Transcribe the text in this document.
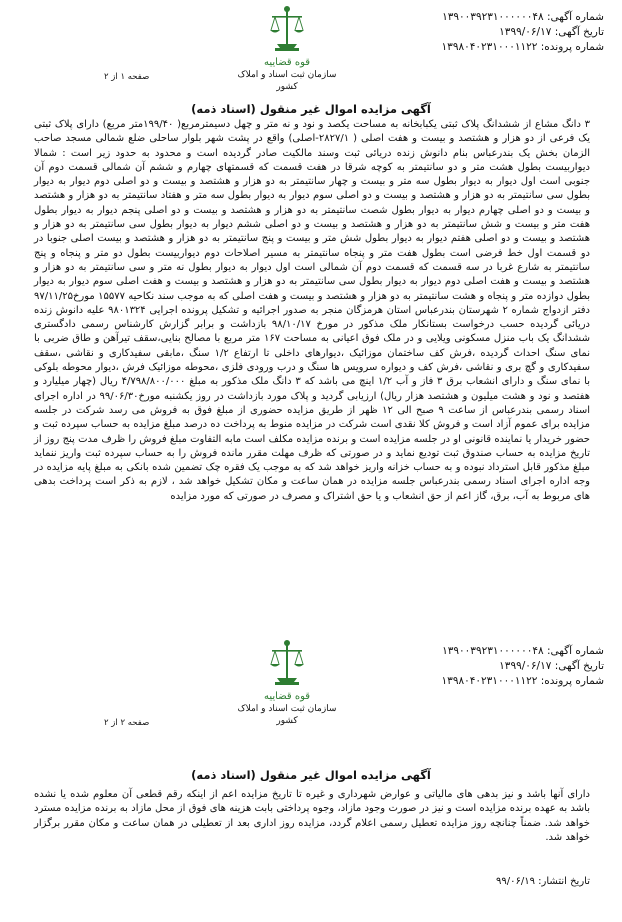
شماره آگهی: ۱۳۹۰۰۳۹۲۳۱۰۰۰۰۰۰۴۸
تاریخ آگهی: ۱۳۹۹/۰۶/۱۷
شماره پرونده: ۱۳۹۸۰۴۰۲۳۱۰۰۰۱۱۲۲
قوه قضاییه
سازمان ثبت اسناد و املاک کشور
صفحه ۱ از ۲
آگهی مزایده اموال غیر منقول (اسناد ذمه)
۳ دانگ مشاع از ششدانگ پلاک ثبتی یکبابخانه به مساحت یکصد و نود و نه متر و چهل دسیمترمربع( ۱۹۹/۴۰متر مربع) دارای پلاک ثبتی یک فرعی از دو هزار و هشتصد و بیست و هفت اصلی ( ۲۸۲۷/۱-اصلی) واقع در پشت شهر بلوار ساحلی ضلع شمالی مسجد صاحب الزمان بخش یک بندرعباس بنام دانوش زنده دریائی ثبت وسند مالکیت صادر گردیده است و محدود به حدود زیر است : شمالا دیواربیست بطول هشت متر و دو سانتیمتر به کوچه شرقا در هفت قسمت که قسمتهای چهارم و ششم آن شمالی قسمت دوم آن جنوبی است اول دیوار به دیوار بطول سه متر و بیست و چهار سانتیمتر به دو هزار و هشتصد و بیست و دو اصلی دوم دیوار به دیوار بطول سی سانتیمتر به دو هزار و هشتصد و بیست و دو اصلی سوم دیوار به دیوار بطول سه متر و هفتاد سانتیمتر به دو هزار و هشتصد و بیست و دو اصلی چهارم دیوار به دیوار بطول شصت سانتیمتر به دو هزار و هشتصد و بیست و دو اصلی پنجم دیوار به دیوار بطول هفت متر و بیست و شش سانتیمتر به دو هزار و هشتصد و بیست و دو اصلی ششم دیوار به دیوار بطول سی سانتیمتر به دو هزار و هشتصد و بیست و دو اصلی هفتم دیوار به دیوار بطول شش متر و بیست و پنج سانتیمتر به دو هزار و هشتصد و بیست اصلی جنوبا در دو قسمت اول خط فرضی است بطول هفت متر و پنجاه سانتیمتر به مسیر اصلاحات دوم دیواربیست بطول دو متر و پنجاه و پنج سانتیمتر به شارع غربا در سه قسمت که قسمت دوم آن شمالی است اول دیوار به دیوار بطول نه متر و سی سانتیمتر به دو هزار و هشتصد و بیست و هفت اصلی دوم دیوار به دیوار بطول سی سانتیمتر به دو هزار و هشتصد و بیست و هفت اصلی سوم دیوار به دیوار بطول دوازده متر و پنجاه و هشت سانتیمتر به دو هزار و هشتصد و بیست و هفت اصلی که به موجب سند نکاحیه ۱۵۵۷۷ مورخ۹۷/۱۱/۲۵ دفتر ازدواج شماره ۲ شهرستان بندرعباس استان هرمزگان منجر به صدور اجرائیه و تشکیل پرونده اجرایی ۹۸۰۱۳۲۴ علیه دانوش زنده دریائی گردیده حسب درخواست بستانکار ملک مذکور در مورخ ۹۸/۱۰/۱۷ بازداشت و برابر گزارش کارشناس رسمی دادگستری ششدانگ یک باب منزل مسکونی ویلایی و در ملک فوق اعیانی به مساحت ۱۶۷ متر مربع با مصالح بنایی،سقف تیرآهن و طاق ضربی با نمای سنگ احداث گردیده ،فرش کف ساختمان موزائیک ،دیوارهای داخلی تا ارتفاع ۱/۲ سنگ ،مابقی سفیدکاری و نقاشی ،سقف سفیدکاری و گچ بری و نقاشی ،فرش کف و دیواره سرویس ها سنگ و درب ورودی فلزی ،محوطه موزائیک فرش ،دیوار محوطه بلوکی با نمای سنگ و دارای انشعاب برق ۳ فاز و آب ۱/۲ اینچ می باشد که ۳ دانگ ملک مذکور به مبلغ ۴/۷۹۸/۸۰۰/۰۰۰ ریال (چهار میلیارد و هفتصد و نود و هشت میلیون و هشتصد هزار ریال) ارزیابی گردید و پلاک مورد بازداشت در روز یکشنبه مورخ۹۹/۰۶/۳۰ در اداره اجرای اسناد رسمی بندرعباس از ساعت ۹ صبح الی ۱۲ ظهر از طریق مزایده حضوری از مبلغ فوق به فروش می رسد شرکت در جلسه مزایده برای عموم آزاد است و فروش کلا نقدی است شرکت در مزایده منوط به پرداخت ده درصد مبلغ مزایده به حساب سپرده ثبت و حضور خریدار یا نماینده قانونی او در جلسه مزایده است و برنده مزایده مکلف است مابه التفاوت مبلغ فروش را ظرف مدت پنج روز از تاریخ مزایده به حساب صندوق ثبت تودیع نماید و در صورتی که ظرف مهلت مقرر مانده فروش را به حساب سپرده ثبت واریز ننماید مبلغ مذکور قابل استرداد نبوده و به حساب خزانه واریز خواهد شد که به موجب یک فقره چک تضمین شده بانکی به مبلغ پایه مزایده در وجه اداره اجرای اسناد رسمی بندرعباس جلسه مزایده در همان ساعت و مکان تشکیل خواهد شد ، لازم به ذکر است پرداخت بدهی های مربوط به آب، برق، گاز اعم از حق انشعاب و یا حق اشتراک و مصرف در صورتی که مورد مزایده
شماره آگهی: ۱۳۹۰۰۳۹۲۳۱۰۰۰۰۰۰۴۸
تاریخ آگهی: ۱۳۹۹/۰۶/۱۷
شماره پرونده: ۱۳۹۸۰۴۰۲۳۱۰۰۰۱۱۲۲
قوه قضاییه
سازمان ثبت اسناد و املاک کشور
صفحه ۲ از ۲
آگهی مزایده اموال غیر منقول (اسناد ذمه)
دارای آنها باشد و نیز بدهی های مالیاتی و عوارض شهرداری و غیره تا تاریخ مزایده اعم از اینکه رقم قطعی آن معلوم شده یا نشده باشد به عهده برنده مزایده است و نیز در صورت وجود مازاد، وجوه پرداختی بابت هزینه های فوق از محل مازاد به برنده مزایده مسترد خواهد شد. ضمناً چنانچه روز مزایده تعطیل رسمی اعلام گردد، مزایده روز اداری بعد از تعطیلی در همان ساعت و مکان مقرر برگزار خواهد شد.
تاریخ انتشار: ۹۹/۰۶/۱۹
